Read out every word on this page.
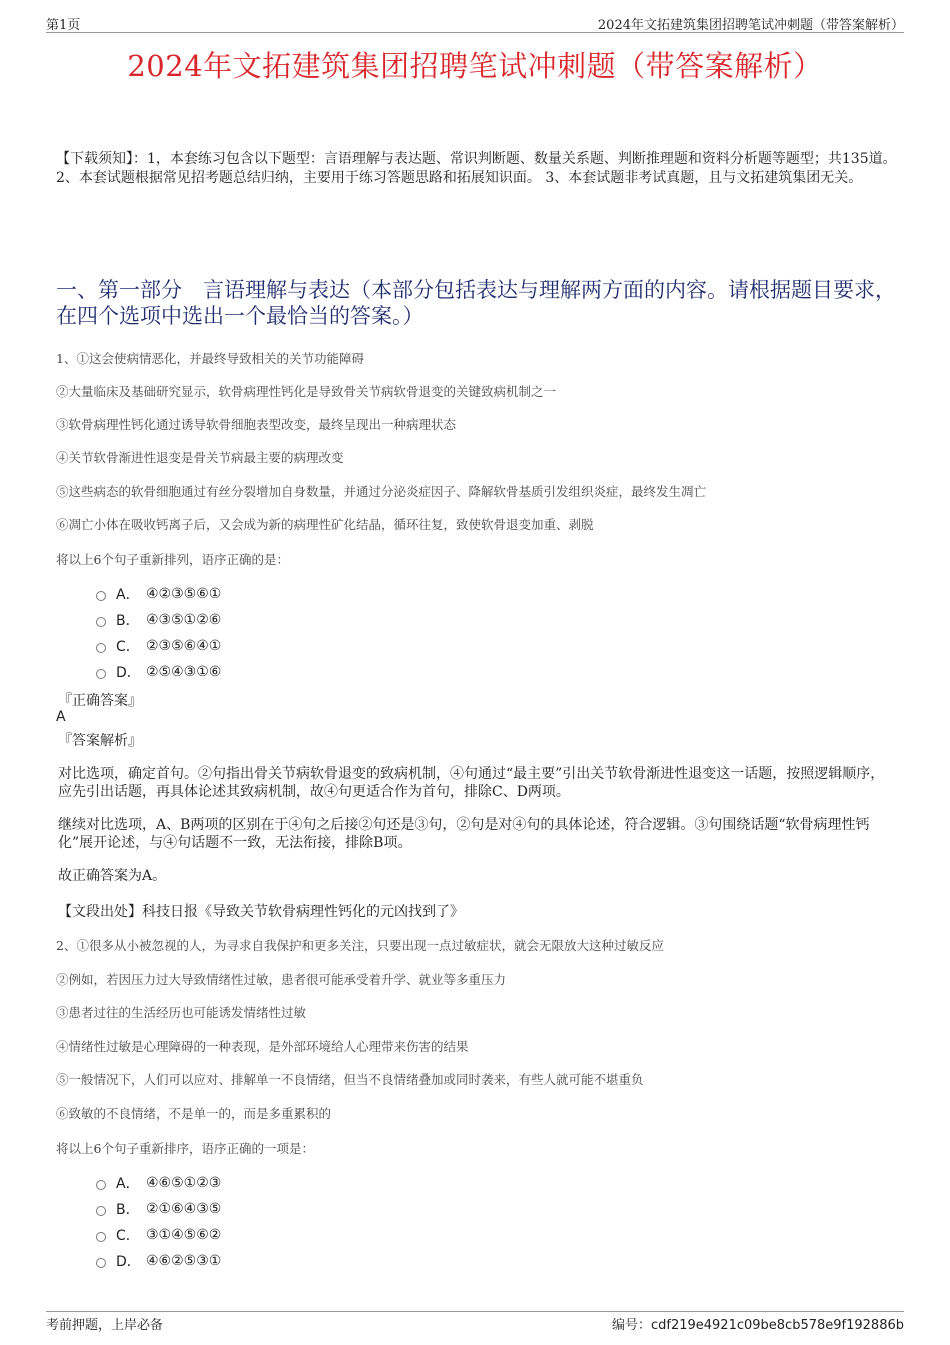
第1页	2024年文拓建筑集团招聘笔试冲刺题（带答案解析）
2024年文拓建筑集团招聘笔试冲刺题（带答案解析）
【下载须知】：1，本套练习包含以下题型：言语理解与表达题、常识判断题、数量关系题、判断推理题和资料分析题等题型；共135道。 2、本套试题根据常见招考题总结归纳，主要用于练习答题思路和拓展知识面。 3、本套试题非考试真题，且与文拓建筑集团无关。
一、第一部分　言语理解与表达（本部分包括表达与理解两方面的内容。请根据题目要求，在四个选项中选出一个最恰当的答案。）
1、①这会使病情恶化，并最终导致相关的关节功能障碍
②大量临床及基础研究显示，软骨病理性钙化是导致骨关节病软骨退变的关键致病机制之一
③软骨病理性钙化通过诱导软骨细胞表型改变，最终呈现出一种病理状态
④关节软骨渐进性退变是骨关节病最主要的病理改变
⑤这些病态的软骨细胞通过有丝分裂增加自身数量，并通过分泌炎症因子、降解软骨基质引发组织炎症，最终发生凋亡
⑥凋亡小体在吸收钙离子后，又会成为新的病理性矿化结晶，循环往复，致使软骨退变加重、剥脱
将以上6个句子重新排列，语序正确的是：
A． ④②③⑤⑥①
B． ④③⑤①②⑥
C． ②③⑤⑥④①
D． ②⑤④③①⑥
『正确答案』
A
『答案解析』
对比选项，确定首句。②句指出骨关节病软骨退变的致病机制，④句通过“最主要”引出关节软骨渐进性退变这一话题，按照逻辑顺序，应先引出话题，再具体论述其致病机制，故④句更适合作为首句，排除C、D两项。
继续对比选项，A、B两项的区别在于④句之后接②句还是③句，②句是对④句的具体论述，符合逻辑。③句围绕话题“软骨病理性钙化”展开论述，与④句话题不一致，无法衔接，排除B项。
故正确答案为A。
【文段出处】科技日报《导致关节软骨病理性钙化的元凶找到了》
2、①很多从小被忽视的人，为寻求自我保护和更多关注，只要出现一点过敏症状，就会无限放大这种过敏反应
②例如，若因压力过大导致情绪性过敏，患者很可能承受着升学、就业等多重压力
③患者过往的生活经历也可能诱发情绪性过敏
④情绪性过敏是心理障碍的一种表现，是外部环境给人心理带来伤害的结果
⑤一般情况下，人们可以应对、排解单一不良情绪，但当不良情绪叠加或同时袭来，有些人就可能不堪重负
⑥致敏的不良情绪，不是单一的，而是多重累积的
将以上6个句子重新排序，语序正确的一项是：
A． ④⑥⑤①②③
B． ②①⑥④③⑤
C． ③①④⑤⑥②
D． ④⑥②⑤③①
考前押题，上岸必备	编号：cdf219e4921c09be8cb578e9f192886b
